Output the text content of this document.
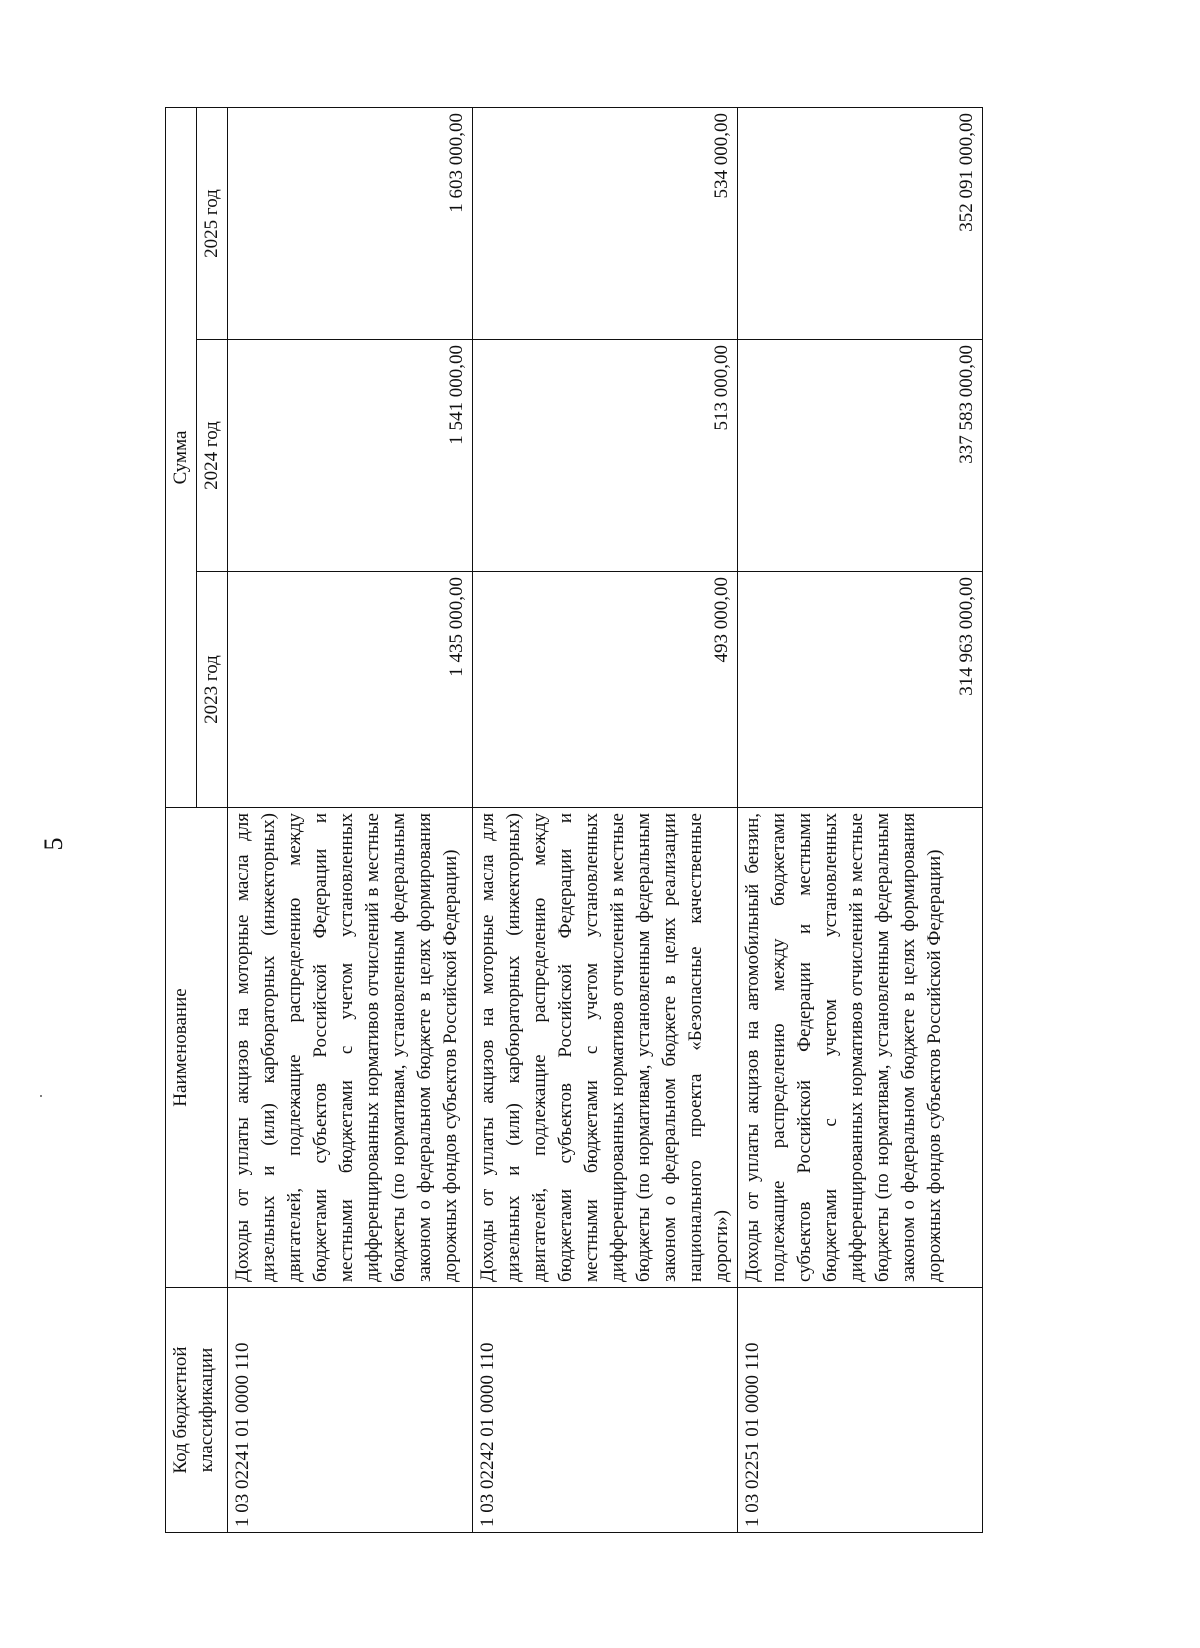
5
Код бюджетной классификации	Наименование	Сумма		
		2023 год	2024 год	2025 год
1 03 02241 01 0000 110	Доходы от уплаты акцизов на моторные масла для дизельных и (или) карбюраторных (инжекторных) двигателей, подлежащие распределению между бюджетами субъектов Российской Федерации и местными бюджетами с учетом установленных дифференцированных нормативов отчислений в местные бюджеты (по нормативам, установленным федеральным законом о федеральном бюджете в целях формирования дорожных фондов субъектов Российской Федерации)	1 435 000,00	1 541 000,00	1 603 000,00
1 03 02242 01 0000 110	Доходы от уплаты акцизов на моторные масла для дизельных и (или) карбюраторных (инжекторных) двигателей, подлежащие распределению между бюджетами субъектов Российской Федерации и местными бюджетами с учетом установленных дифференцированных нормативов отчислений в местные бюджеты (по нормативам, установленным федеральным законом о федеральном бюджете в целях реализации национального проекта «Безопасные качественные дороги»)	493 000,00	513 000,00	534 000,00
1 03 02251 01 0000 110	Доходы от уплаты акцизов на автомобильный бензин, подлежащие распределению между бюджетами субъектов Российской Федерации и местными бюджетами с учетом установленных дифференцированных нормативов отчислений в местные бюджеты (по нормативам, установленным федеральным законом о федеральном бюджете в целях формирования дорожных фондов субъектов Российской Федерации)	314 963 000,00	337 583 000,00	352 091 000,00
